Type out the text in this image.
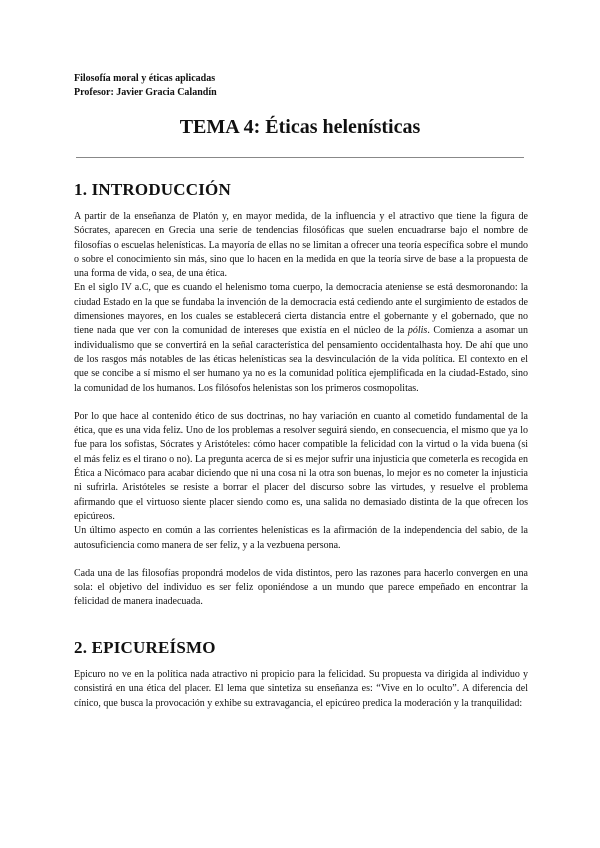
Filosofía moral y éticas aplicadas
Profesor: Javier Gracia Calandín
TEMA 4: Éticas helenísticas
1. INTRODUCCIÓN

A partir de la enseñanza de Platón y, en mayor medida, de la influencia y el atractivo que tiene la figura de Sócrates, aparecen en Grecia una serie de tendencias filosóficas que suelen encuadrarse bajo el nombre de filosofías o escuelas helenísticas. La mayoría de ellas no se limitan a ofrecer una teoría específica sobre el mundo o sobre el conocimiento sin más, sino que lo hacen en la medida en que la teoría sirve de base a la propuesta de una forma de vida, o sea, de una ética.

En el siglo IV a.C, que es cuando el helenismo toma cuerpo, la democracia ateniense se está desmoronando: la ciudad Estado en la que se fundaba la invención de la democracia está cediendo ante el surgimiento de estados de dimensiones mayores, en los cuales se establecerá cierta distancia entre el gobernante y el gobernado, que no tiene nada que ver con la comunidad de intereses que existía en el núcleo de la pólis. Comienza a asomar un individualismo que se convertirá en la señal característica del pensamiento occidentalhasta hoy. De ahí que uno de los rasgos más notables de las éticas helenísticas sea la desvinculación de la vida política. El contexto en el que se concibe a sí mismo el ser humano ya no es la comunidad política ejemplificada en la ciudad-Estado, sino la comunidad de los humanos. Los filósofos helenistas son los primeros cosmopolitas.

Por lo que hace al contenido ético de sus doctrinas, no hay variación en cuanto al cometido fundamental de la ética, que es una vida feliz. Uno de los problemas a resolver seguirá siendo, en consecuencia, el mismo que ya lo fue para los sofistas, Sócrates y Aristóteles: cómo hacer compatible la felicidad con la virtud o la vida buena (si el más feliz es el tirano o no). La pregunta acerca de si es mejor sufrir una injusticia que cometerla es recogida en Ética a Nicómaco para acabar diciendo que ni una cosa ni la otra son buenas, lo mejor es no cometer la injusticia ni sufrirla. Aristóteles se resiste a borrar el placer del discurso sobre las virtudes, y resuelve el problema afirmando que el virtuoso siente placer siendo como es, una salida no demasiado distinta de la que ofrecen los epicúreos.

Un último aspecto en común a las corrientes helenísticas es la afirmación de la independencia del sabio, de la autosuficiencia como manera de ser feliz, y a la vezbuena persona.

Cada una de las filosofías propondrá modelos de vida distintos, pero las razones para hacerlo convergen en una sola: el objetivo del individuo es ser feliz oponiéndose a un mundo que parece empeñado en encontrar la felicidad de manera inadecuada.

2. EPICUREÍSMO

Epicuro no ve en la política nada atractivo ni propicio para la felicidad. Su propuesta va dirigida al individuo y consistirá en una ética del placer. El lema que sintetiza su enseñanza es: “Vive en lo oculto”. A diferencia del cínico, que busca la provocación y exhibe su extravagancia, el epicúreo predica la moderación y la tranquilidad:
